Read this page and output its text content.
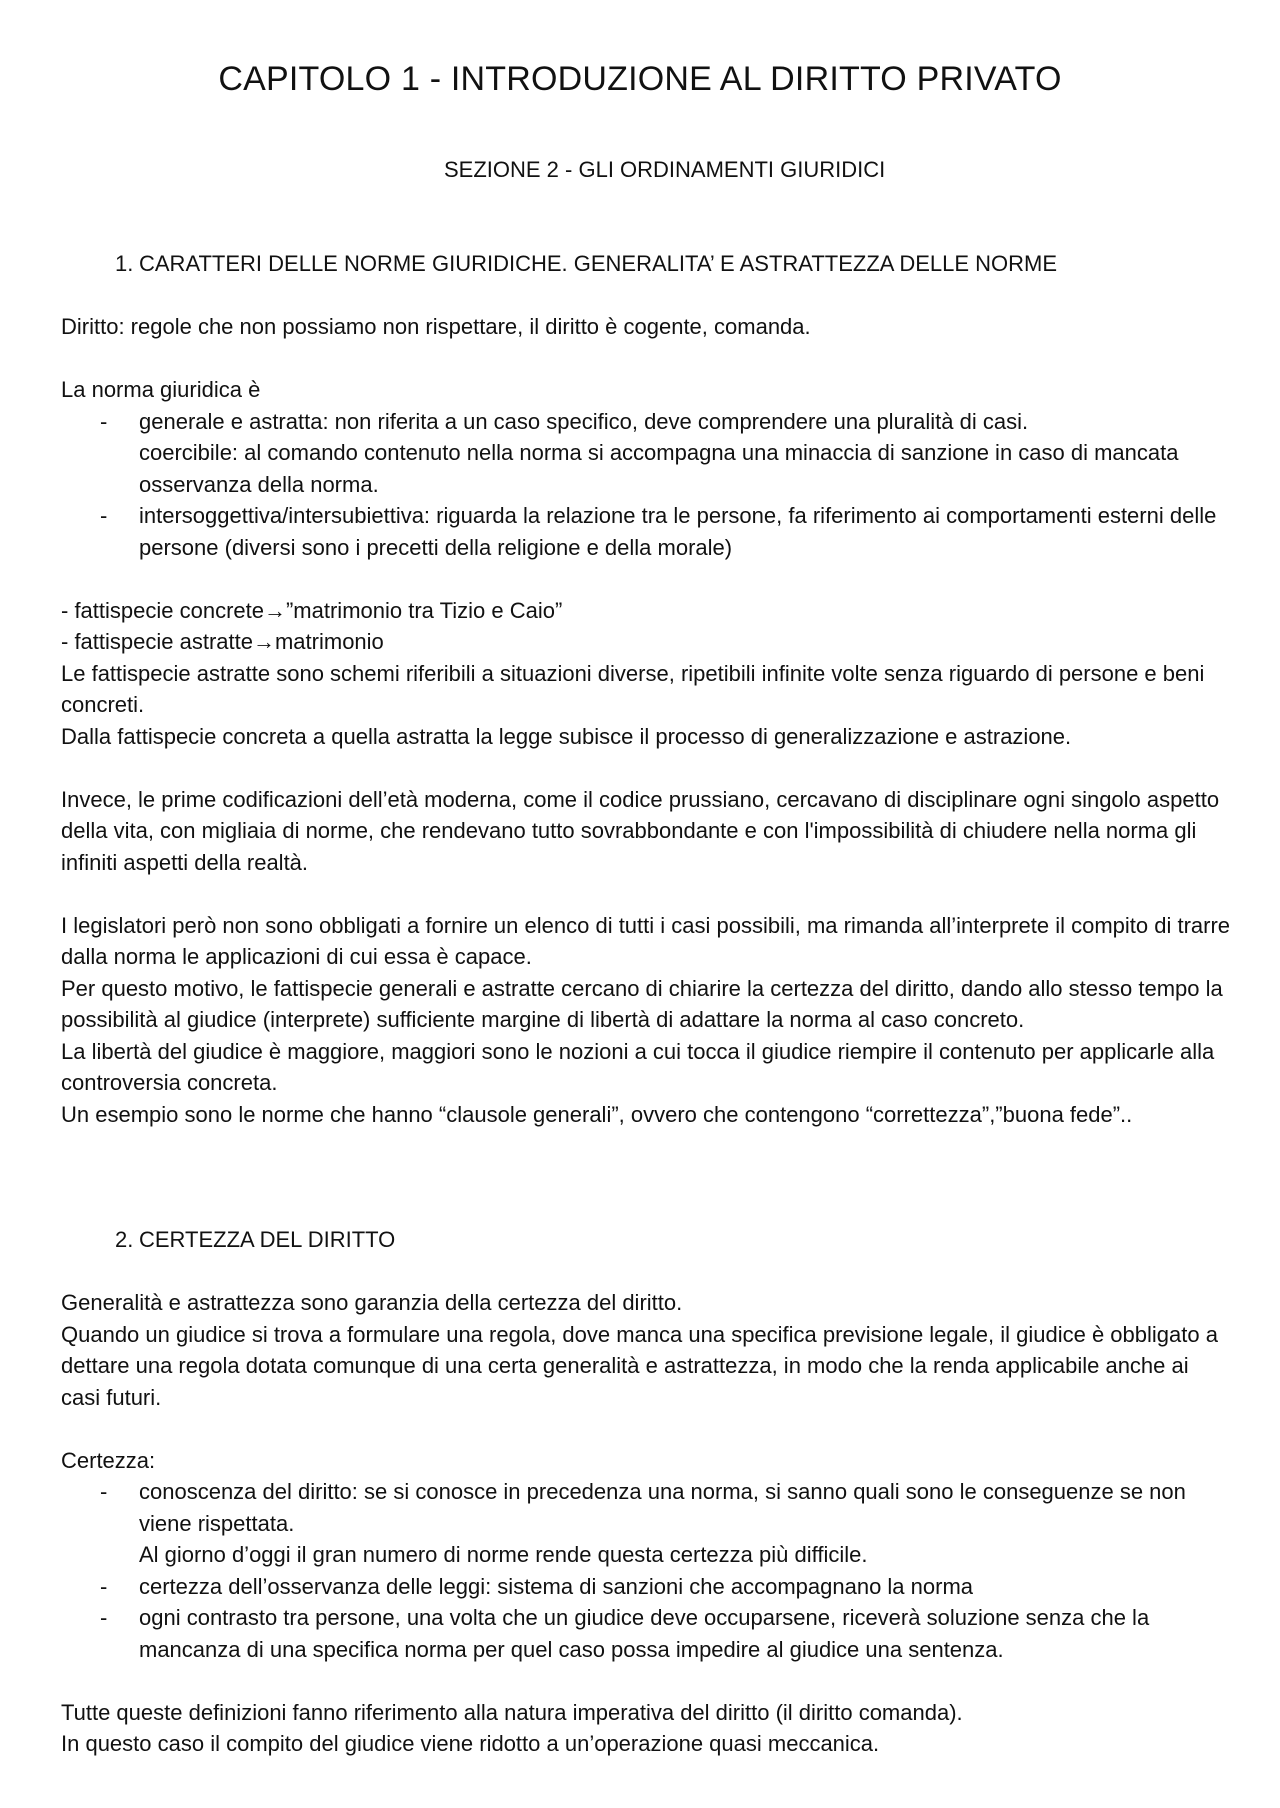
CAPITOLO 1 - INTRODUZIONE AL DIRITTO PRIVATO
SEZIONE 2 - GLI ORDINAMENTI GIURIDICI
1. CARATTERI DELLE NORME GIURIDICHE. GENERALITA’ E ASTRATTEZZA DELLE NORME

Diritto: regole che non possiamo non rispettare, il diritto è cogente, comanda.

La norma giuridica è

-	generale e astratta: non riferita a un caso specifico, deve comprendere una pluralità di casi.
coercibile: al comando contenuto nella norma si accompagna una minaccia di sanzione in caso di mancata osservanza della norma.
-	intersoggettiva/intersubiettiva: riguarda la relazione tra le persone, fa riferimento ai comportamenti esterni delle persone (diversi sono i precetti della religione e della morale)

- fattispecie concrete→”matrimonio tra Tizio e Caio”

- fattispecie astratte→matrimonio

Le fattispecie astratte sono schemi riferibili a situazioni diverse, ripetibili infinite volte senza riguardo di persone e beni concreti.

Dalla fattispecie concreta a quella astratta la legge subisce il processo di generalizzazione e astrazione.

Invece, le prime codificazioni dell’età moderna, come il codice prussiano, cercavano di disciplinare ogni singolo aspetto della vita, con migliaia di norme, che rendevano tutto sovrabbondante e con l'impossibilità di chiudere nella norma gli infiniti aspetti della realtà.

I legislatori però non sono obbligati a fornire un elenco di tutti i casi possibili, ma rimanda all’interprete il compito di trarre dalla norma le applicazioni di cui essa è capace.

Per questo motivo, le fattispecie generali e astratte cercano di chiarire la certezza del diritto, dando allo stesso tempo la possibilità al giudice (interprete) sufficiente margine di libertà di adattare la norma al caso concreto.

La libertà del giudice è maggiore, maggiori sono le nozioni a cui tocca il giudice riempire il contenuto per applicarle alla controversia concreta.

Un esempio sono le norme che hanno “clausole generali”, ovvero che contengono “correttezza”,”buona fede”..

2. CERTEZZA DEL DIRITTO

Generalità e astrattezza sono garanzia della certezza del diritto.

Quando un giudice si trova a formulare una regola, dove manca una specifica previsione legale, il giudice è obbligato a dettare una regola dotata comunque di una certa generalità e astrattezza, in modo che la renda applicabile anche ai casi futuri.

Certezza:

-	conoscenza del diritto: se si conosce in precedenza una norma, si sanno quali sono le conseguenze se non viene rispettata.
Al giorno d’oggi il gran numero di norme rende questa certezza più difficile.
-	certezza dell’osservanza delle leggi: sistema di sanzioni che accompagnano la norma
-	ogni contrasto tra persone, una volta che un giudice deve occuparsene, riceverà soluzione senza che la mancanza di una specifica norma per quel caso possa impedire al giudice una sentenza.

Tutte queste definizioni fanno riferimento alla natura imperativa del diritto (il diritto comanda).

In questo caso il compito del giudice viene ridotto a un’operazione quasi meccanica.
